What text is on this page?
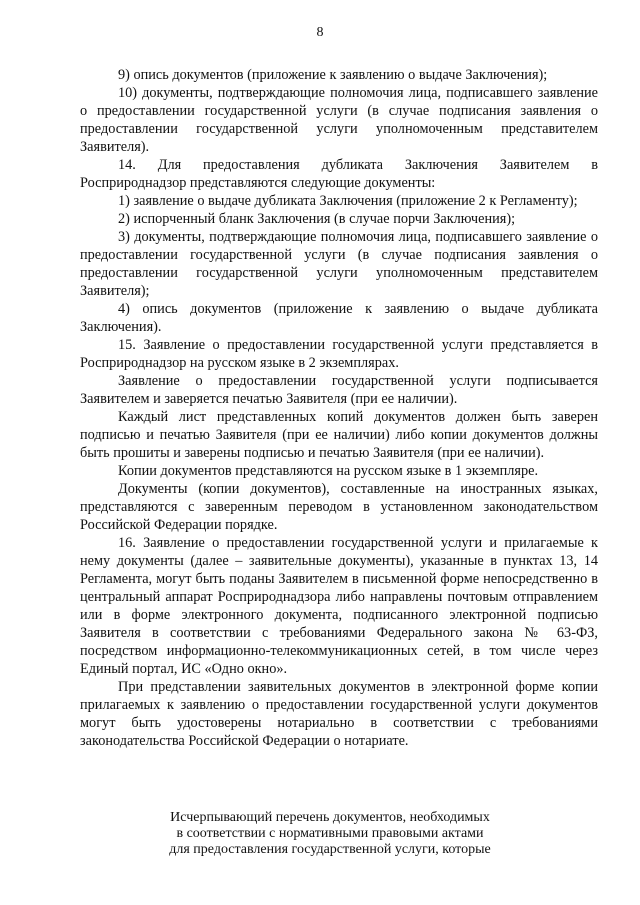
8

9) опись документов (приложение к заявлению о выдаче Заключения);

10) документы, подтверждающие полномочия лица, подписавшего заявление о предоставлении государственной услуги (в случае подписания заявления о предоставлении государственной услуги уполномоченным представителем Заявителя).

14. Для предоставления дубликата Заключения Заявителем в Росприроднадзор представляются следующие документы:

1) заявление о выдаче дубликата Заключения (приложение 2 к Регламенту);

2) испорченный бланк Заключения (в случае порчи Заключения);

3) документы, подтверждающие полномочия лица, подписавшего заявление о предоставлении государственной услуги (в случае подписания заявления о предоставлении государственной услуги уполномоченным представителем Заявителя);

4) опись документов (приложение к заявлению о выдаче дубликата Заключения).

15. Заявление о предоставлении государственной услуги представляется в Росприроднадзор на русском языке в 2 экземплярах.

Заявление о предоставлении государственной услуги подписывается Заявителем и заверяется печатью Заявителя (при ее наличии).

Каждый лист представленных копий документов должен быть заверен подписью и печатью Заявителя (при ее наличии) либо копии документов должны быть прошиты и заверены подписью и печатью Заявителя (при ее наличии).

Копии документов представляются на русском языке в 1 экземпляре.

Документы (копии документов), составленные на иностранных языках, представляются с заверенным переводом в установленном законодательством Российской Федерации порядке.

16. Заявление о предоставлении государственной услуги и прилагаемые к нему документы (далее – заявительные документы), указанные в пунктах 13, 14 Регламента, могут быть поданы Заявителем в письменной форме непосредственно в центральный аппарат Росприроднадзора либо направлены почтовым отправлением или в форме электронного документа, подписанного электронной подписью Заявителя в соответствии с требованиями Федерального закона № 63-ФЗ, посредством информационно-телекоммуникационных сетей, в том числе через Единый портал, ИС «Одно окно».

При представлении заявительных документов в электронной форме копии прилагаемых к заявлению о предоставлении государственной услуги документов могут быть удостоверены нотариально в соответствии с требованиями законодательства Российской Федерации о нотариате.

Исчерпывающий перечень документов, необходимых
в соответствии с нормативными правовыми актами
для предоставления государственной услуги, которые
